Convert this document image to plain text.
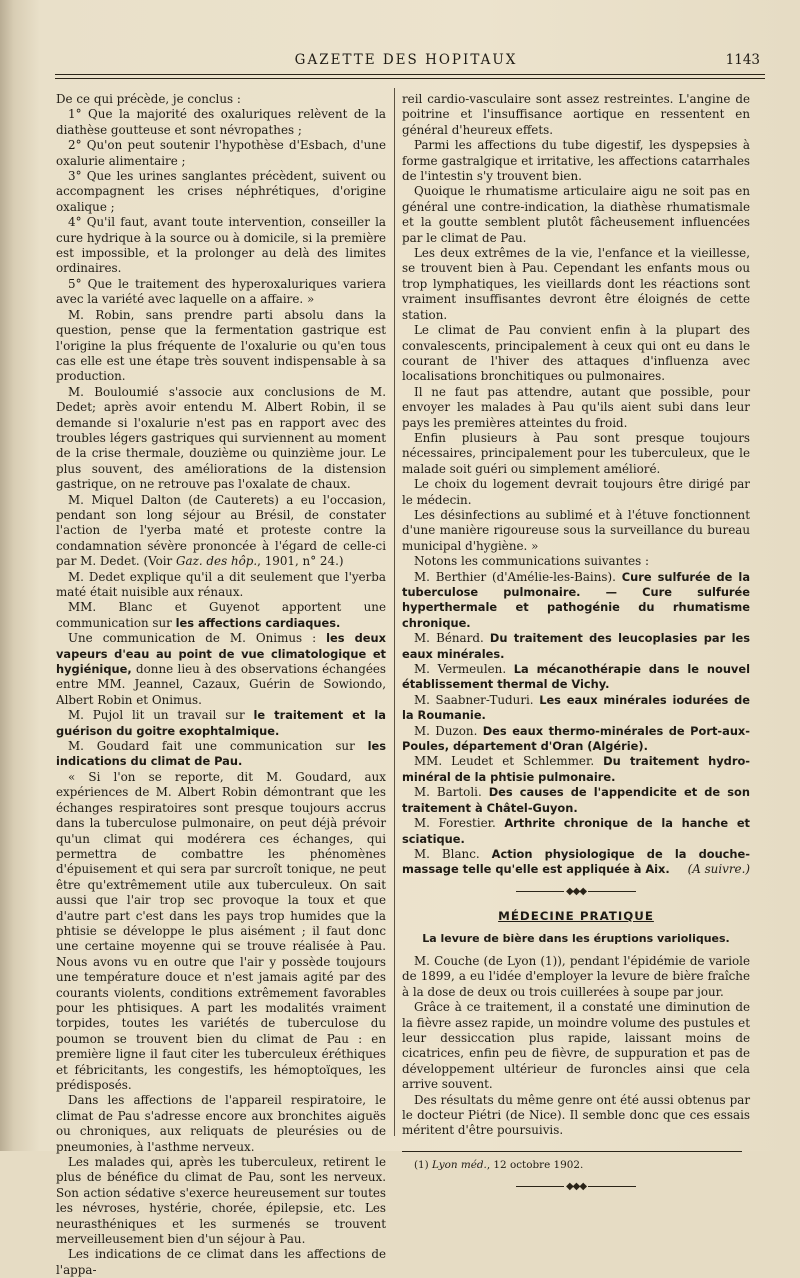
GAZETTE DES HOPITAUX	1143

De ce qui précède, je conclus :

1° Que la majorité des oxaluriques relèvent de la diathèse goutteuse et sont névropathes ;

2° Qu'on peut soutenir l'hypothèse d'Esbach, d'une oxalurie alimentaire ;

3° Que les urines sanglantes précèdent, suivent ou accompagnent les crises néphrétiques, d'origine oxalique ;

4° Qu'il faut, avant toute intervention, conseiller la cure hydrique à la source ou à domicile, si la première est impossible, et la prolonger au delà des limites ordinaires.

5° Que le traitement des hyperoxaluriques variera avec la variété avec laquelle on a affaire. »

M. Robin, sans prendre parti absolu dans la question, pense que la fermentation gastrique est l'origine la plus fréquente de l'oxalurie ou qu'en tous cas elle est une étape très souvent indispensable à sa production.

M. Bouloumié s'associe aux conclusions de M. Dedet; après avoir entendu M. Albert Robin, il se demande si l'oxalurie n'est pas en rapport avec des troubles légers gastriques qui surviennent au moment de la crise thermale, douzième ou quinzième jour. Le plus souvent, des améliorations de la distension gastrique, on ne retrouve pas l'oxalate de chaux.

M. Miquel Dalton (de Cauterets) a eu l'occasion, pendant son long séjour au Brésil, de constater l'action de l'yerba maté et proteste contre la condamnation sévère prononcée à l'égard de celle-ci par M. Dedet. (Voir Gaz. des hôp., 1901, n° 24.)

M. Dedet explique qu'il a dit seulement que l'yerba maté était nuisible aux rénaux.

MM. Blanc et Guyenot apportent une communication sur les affections cardiaques.

Une communication de M. Onimus : les deux vapeurs d'eau au point de vue climatologique et hygiénique, donne lieu à des observations échangées entre MM. Jeannel, Cazaux, Guérin de Sowiondo, Albert Robin et Onimus.

M. Pujol lit un travail sur le traitement et la guérison du goitre exophtalmique.

M. Goudard fait une communication sur les indications du climat de Pau.

« Si l'on se reporte, dit M. Goudard, aux expériences de M. Albert Robin démontrant que les échanges respiratoires sont presque toujours accrus dans la tuberculose pulmonaire, on peut déjà prévoir qu'un climat qui modérera ces échanges, qui permettra de combattre les phénomènes d'épuisement et qui sera par surcroît tonique, ne peut être qu'extrêmement utile aux tuberculeux. On sait aussi que l'air trop sec provoque la toux et que d'autre part c'est dans les pays trop humides que la phtisie se développe le plus aisément ; il faut donc une certaine moyenne qui se trouve réalisée à Pau. Nous avons vu en outre que l'air y possède toujours une température douce et n'est jamais agité par des courants violents, conditions extrêmement favorables pour les phtisiques. A part les modalités vraiment torpides, toutes les variétés de tuberculose du poumon se trouvent bien du climat de Pau : en première ligne il faut citer les tuberculeux éréthiques et fébricitants, les congestifs, les hémoptoïques, les prédisposés.

Dans les affections de l'appareil respiratoire, le climat de Pau s'adresse encore aux bronchites aiguës ou chroniques, aux reliquats de pleurésies ou de pneumonies, à l'asthme nerveux.

Les malades qui, après les tuberculeux, retirent le plus de bénéfice du climat de Pau, sont les nerveux. Son action sédative s'exerce heureusement sur toutes les névroses, hystérie, chorée, épilepsie, etc. Les neurasthéniques et les surmenés se trouvent merveilleusement bien d'un séjour à Pau.

Les indications de ce climat dans les affections de l'appa-

reil cardio-vasculaire sont assez restreintes. L'angine de poitrine et l'insuffisance aortique en ressentent en général d'heureux effets.

Parmi les affections du tube digestif, les dyspepsies à forme gastralgique et irritative, les affections catarrhales de l'intestin s'y trouvent bien.

Quoique le rhumatisme articulaire aigu ne soit pas en général une contre-indication, la diathèse rhumatismale et la goutte semblent plutôt fâcheusement influencées par le climat de Pau.

Les deux extrêmes de la vie, l'enfance et la vieillesse, se trouvent bien à Pau. Cependant les enfants mous ou trop lymphatiques, les vieillards dont les réactions sont vraiment insuffisantes devront être éloignés de cette station.

Le climat de Pau convient enfin à la plupart des convalescents, principalement à ceux qui ont eu dans le courant de l'hiver des attaques d'influenza avec localisations bronchitiques ou pulmonaires.

Il ne faut pas attendre, autant que possible, pour envoyer les malades à Pau qu'ils aient subi dans leur pays les premières atteintes du froid.

Enfin plusieurs à Pau sont presque toujours nécessaires, principalement pour les tuberculeux, que le malade soit guéri ou simplement amélioré.

Le choix du logement devrait toujours être dirigé par le médecin.

Les désinfections au sublimé et à l'étuve fonctionnent d'une manière rigoureuse sous la surveillance du bureau municipal d'hygiène. »

Notons les communications suivantes :

M. Berthier (d'Amélie-les-Bains). Cure sulfurée de la tuberculose pulmonaire. — Cure sulfurée hyperthermale et pathogénie du rhumatisme chronique.

M. Bénard. Du traitement des leucoplasies par les eaux minérales.

M. Vermeulen. La mécanothérapie dans le nouvel établissement thermal de Vichy.

M. Saabner-Tuduri. Les eaux minérales iodurées de la Roumanie.

M. Duzon. Des eaux thermo-minérales de Port-aux-Poules, département d'Oran (Algérie).

MM. Leudet et Schlemmer. Du traitement hydro-minéral de la phtisie pulmonaire.

M. Bartoli. Des causes de l'appendicite et de son traitement à Châtel-Guyon.

M. Forestier. Arthrite chronique de la hanche et sciatique.

M. Blanc. Action physiologique de la douche-massage telle qu'elle est appliquée à Aix.	(A suivre.)

◆◆◆
MÉDECINE PRATIQUE
La levure de bière dans les éruptions varioliques.

M. Couche (de Lyon (1)), pendant l'épidémie de variole de 1899, a eu l'idée d'employer la levure de bière fraîche à la dose de deux ou trois cuillerées à soupe par jour.

Grâce à ce traitement, il a constaté une diminution de la fièvre assez rapide, un moindre volume des pustules et leur dessiccation plus rapide, laissant moins de cicatrices, enfin peu de fièvre, de suppuration et pas de développement ultérieur de furoncles ainsi que cela arrive souvent.

Des résultats du même genre ont été aussi obtenus par le docteur Piétri (de Nice). Il semble donc que ces essais méritent d'être poursuivis.

(1) Lyon méd., 12 octobre 1902.

◆◆◆
